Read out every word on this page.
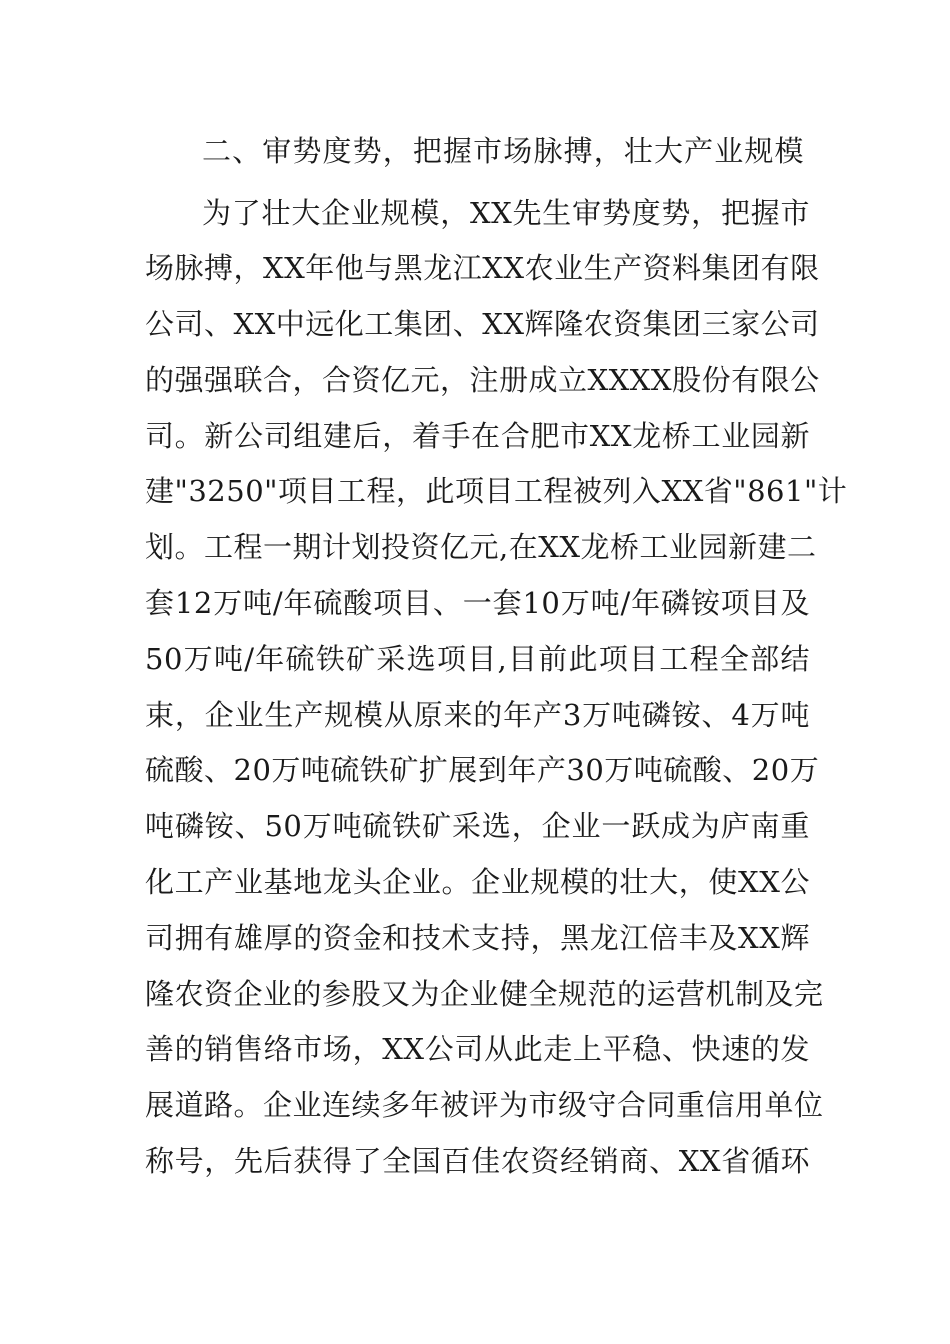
二、审势度势，把握市场脉搏，壮大产业规模
为了壮大企业规模，XX先生审势度势，把握市
场脉搏，XX年他与黑龙江XX农业生产资料集团有限
公司、XX中远化工集团、XX辉隆农资集团三家公司
的强强联合，合资亿元，注册成立XXXX股份有限公
司。新公司组建后，着手在合肥市XX龙桥工业园新
建"3250"项目工程，此项目工程被列入XX省"861"计
划。工程一期计划投资亿元,在XX龙桥工业园新建二
套12万吨/年硫酸项目、一套10万吨/年磷铵项目及
50万吨/年硫铁矿采选项目,目前此项目工程全部结
束，企业生产规模从原来的年产3万吨磷铵、4万吨
硫酸、20万吨硫铁矿扩展到年产30万吨硫酸、20万
吨磷铵、50万吨硫铁矿采选，企业一跃成为庐南重
化工产业基地龙头企业。企业规模的壮大，使XX公
司拥有雄厚的资金和技术支持，黑龙江倍丰及XX辉
隆农资企业的参股又为企业健全规范的运营机制及完
善的销售络市场，XX公司从此走上平稳、快速的发
展道路。企业连续多年被评为市级守合同重信用单位
称号，先后获得了全国百佳农资经销商、XX省循环
